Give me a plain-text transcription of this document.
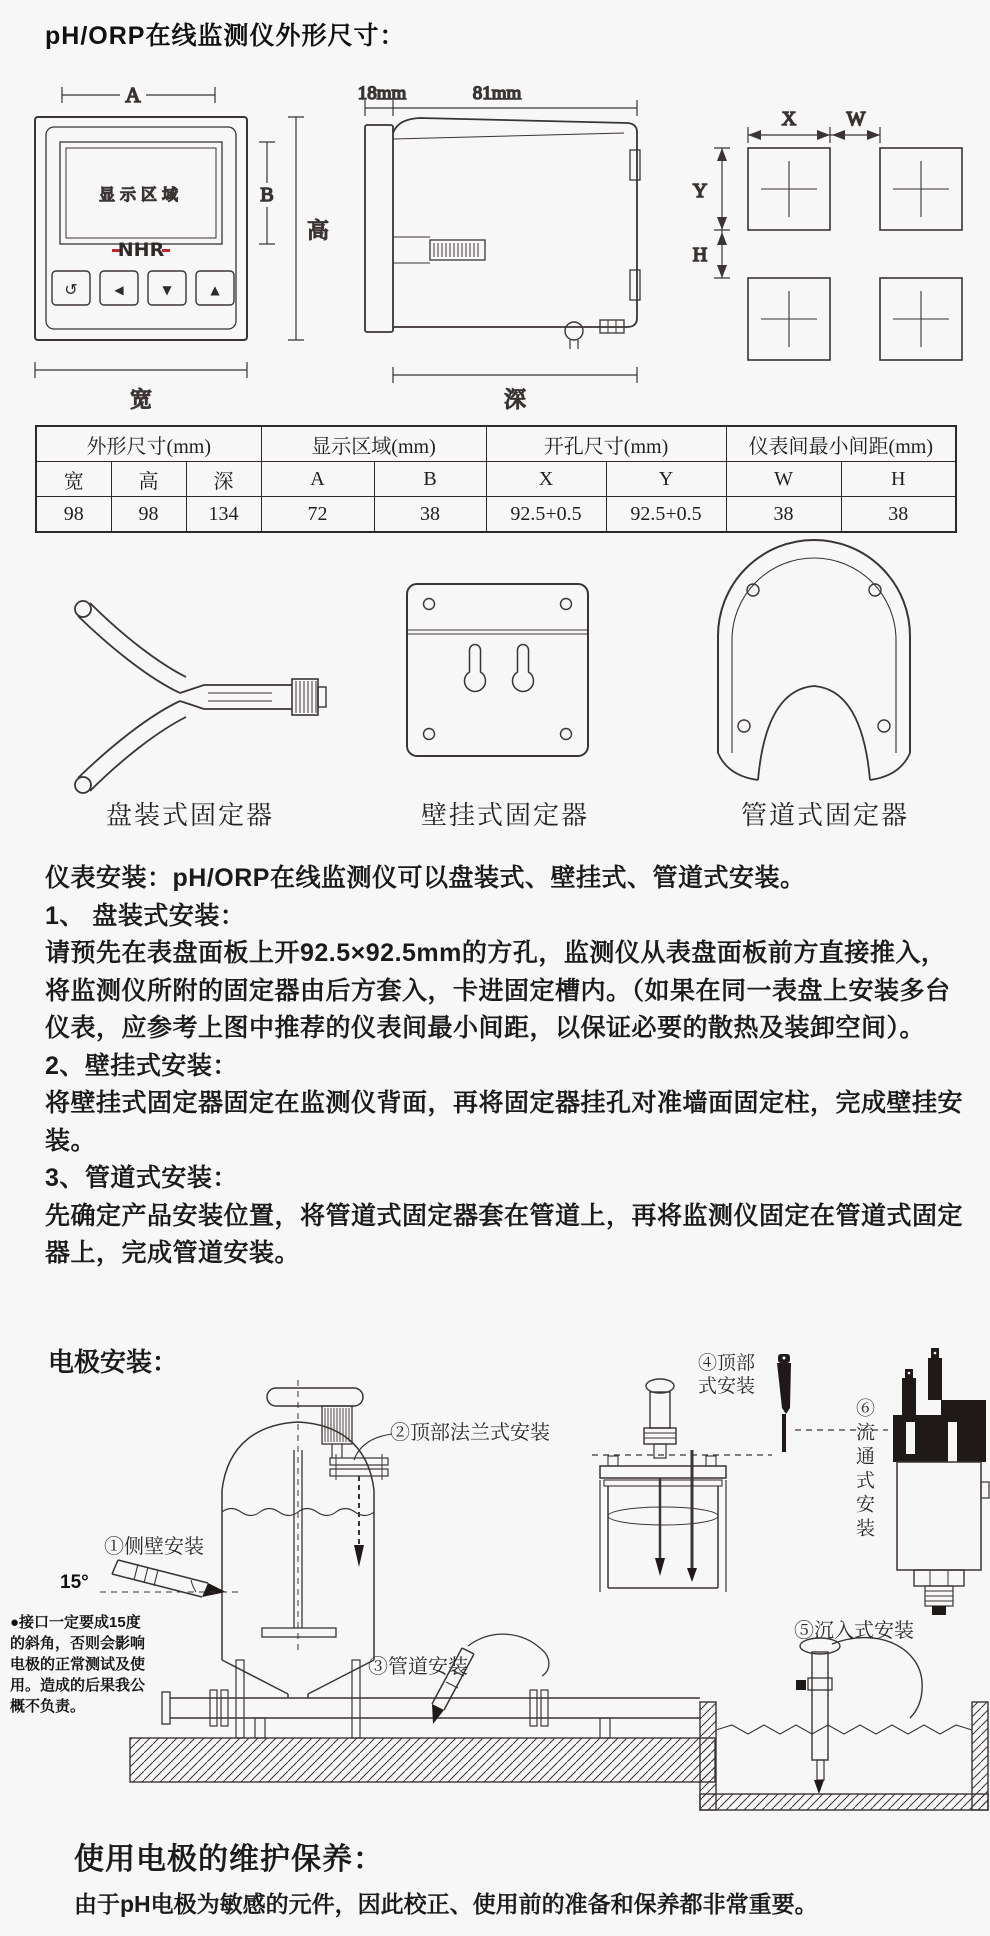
pH/ORP在线监测仪外形尺寸：
A
显示区域
NHR
↺	◀	▼	▲
B
高
宽
18mm	81mm
深
X	W
Y
H
外形尺寸(mm)			显示区域(mm)		开孔尺寸(mm)		仪表间最小间距(mm)	
宽	高	深	A	B	X	Y	W	H
98	98	134	72	38	92.5+0.5	92.5+0.5	38	38
盘装式固定器	壁挂式固定器	管道式固定器
仪表安装：pH/ORP在线监测仪可以盘装式、壁挂式、管道式安装。
1、 盘装式安装：
请预先在表盘面板上开92.5×92.5mm的方孔，监测仪从表盘面板前方直接推入，
将监测仪所附的固定器由后方套入，卡进固定槽内。（如果在同一表盘上安装多台
仪表，应参考上图中推荐的仪表间最小间距，以保证必要的散热及装卸空间）。
2、壁挂式安装：
将壁挂式固定器固定在监测仪背面，再将固定器挂孔对准墙面固定柱，完成壁挂安
装。
3、管道式安装：
先确定产品安装位置，将管道式固定器套在管道上，再将监测仪固定在管道式固定
器上，完成管道安装。
电极安装：
①侧壁安装
15°
②顶部法兰式安装
③管道安装
④顶部式安装
⑤沉入式安装
⑥流通式安装
●接口一定要成15度
的斜角，否则会影响
电极的正常测试及使
用。造成的后果我公
概不负责。
使用电极的维护保养：
由于pH电极为敏感的元件，因此校正、使用前的准备和保养都非常重要。
